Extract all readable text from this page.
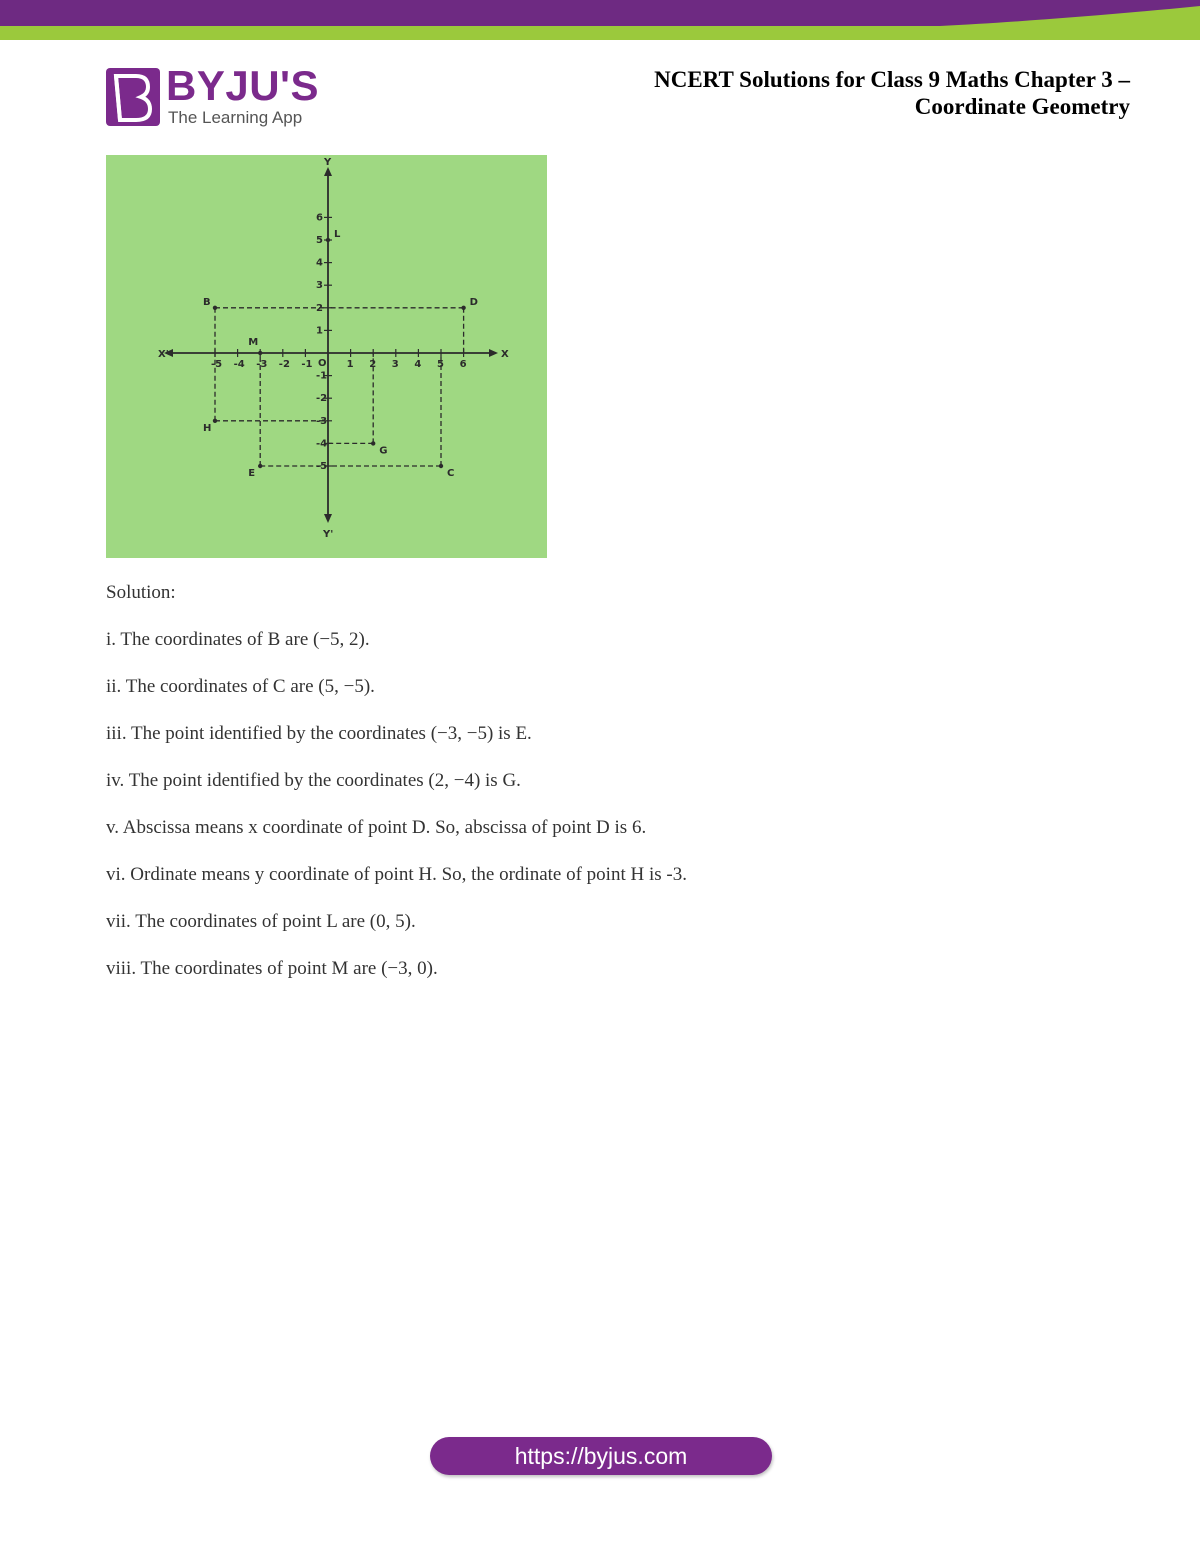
BYJU'S
The Learning App
NCERT Solutions for Class 9 Maths Chapter 3 –
Coordinate Geometry
X'	X
Y
Y'
O
-5 -4 -3 -2 -1	1 2 3 4 5 6
-5
-4
-3
-2
-1
1
2
3
4
5
6
B	D
C
E
G
H
L
M

Solution:

i. The coordinates of B are (−5, 2).

ii. The coordinates of C are (5, −5).

iii. The point identified by the coordinates (−3, −5) is E.

iv. The point identified by the coordinates (2, −4) is G.

v. Abscissa means x coordinate of point D. So, abscissa of point D is 6.

vi. Ordinate means y coordinate of point H. So, the ordinate of point H is -3.

vii. The coordinates of point L are (0, 5).

viii. The coordinates of point M are (−3, 0).

https://byjus.com
